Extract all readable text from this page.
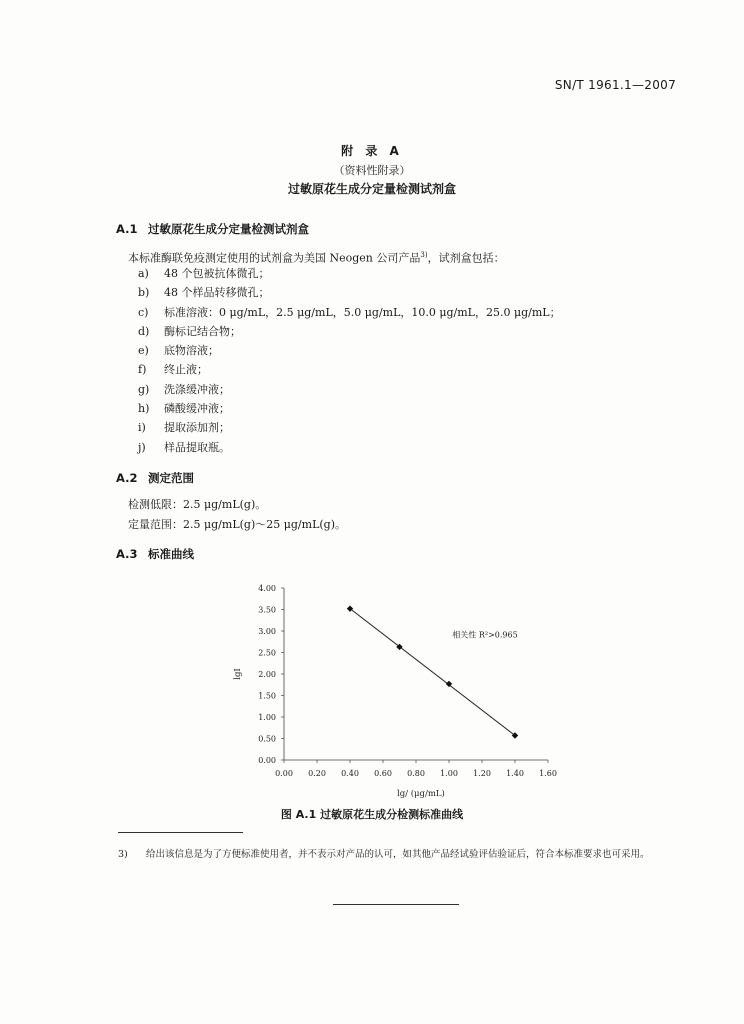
SN/T 1961.1—2007
附 录 A
（资料性附录）
过敏原花生成分定量检测试剂盒
A.1 过敏原花生成分定量检测试剂盒
本标准酶联免疫测定使用的试剂盒为美国 Neogen 公司产品$^{3)}$，试剂盒包括：
a) 48 个包被抗体微孔；
b) 48 个样品转移微孔；
c) 标准溶液：0 μg/mL，2.5 μg/mL，5.0 μg/mL，10.0 μg/mL，25.0 μg/mL；
d) 酶标记结合物；
e) 底物溶液；
f) 终止液；
g) 洗涤缓冲液；
h) 磷酸缓冲液；
i) 提取添加剂；
j) 样品提取瓶。
A.2 测定范围
检测低限：2.5 μg/mL(g)。
定量范围：2.5 μg/mL(g)～25 μg/mL(g)。
A.3 标准曲线
0.00 0.20 0.40 0.60 0.80 1.00 1.20 1.40 1.60
0.00
0.50
1.00
1.50
2.00
2.50
3.00
3.50
4.00
相关性 R²>0.965
lg/ (μg/mL)
lgI
图 A.1 过敏原花生成分检测标准曲线
3) 给出该信息是为了方便标准使用者，并不表示对产品的认可，如其他产品经试验评估验证后，符合本标准要求也可采用。
